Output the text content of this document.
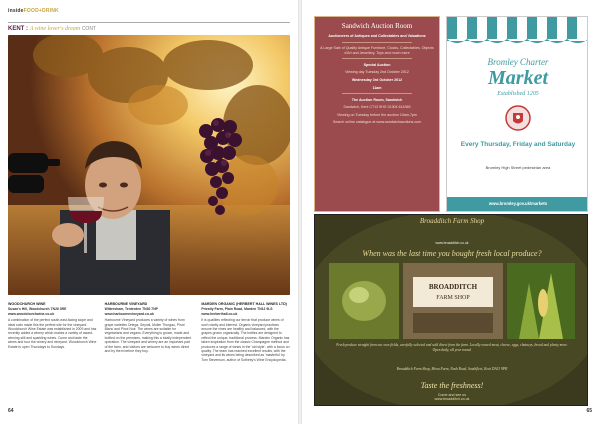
insideFOOD+DRINK
KENT : A wine lover's dream CONT
WOODCHURCH WINE
Susan's Hill, Woodchurch TN26 3RE www.woodchurchwine.co.uk
A combination of the perfect south-east-facing slope and ideal soils made this the perfect site for the vineyard. Woodchurch Wine Estate was established in 2009 and has recently added a winery which makes a variety of award-winning still and sparkling wines. Come and taste the wines and tour the winery and vineyard. Woodchurch Wine Estate is open Thursdays to Sundays.
HARBOURNE VINEYARD
Wittersham, Tenterden TN30 7NP www.harbournevineyard.co.uk
Harbourne Vineyard produces a variety of wines from grape varieties Ortega, Seyval, Muller Thurgau, Pinot Blanc and Pinot Noir. The wines are suitable for vegetarians and vegans. Everything is grown, made and bottled on the premises, making this a totally independent operation. The vineyard and winery are an important part of the farm, and visitors are welcome to buy wines direct and try them before they buy.
MARDEN ORGANIC (HERBERT HALL WINES LTD)
Priestly Farm, Plain Road, Marden TN12 9LS www.herberthall.co.uk
It is qualities reflecting our terroir that produce wines of such clarity and interest. Organic vineyard practices ensure the vines are healthy and balanced, with the grapes grown organically. The bottles are designed to reflect the unique, traditional process. Marden Organic has taken inspiration from the classic Champagne method and produces a range of wines in the 'old style', with a focus on quality. The team has reached excellent results, with the vineyard and its wines being described as 'masterful' by Tom Stevenson, author of Sotheby's Wine Encyclopedia.
64
Sandwich Auction Room
Auctioneers of Antiques and Collectables and Valuations
A Large Sale of Quality Antique Furniture, Clocks, Collectables, Objects d'Art and Jewellery, Toys and much more
Special Auction
Viewing day Tuesday 2nd October 2012
Wednesday 3rd October 2012
11am
The Auction Room, Sandwich
Sandwich, Kent CT13 9HG 01304 614369
Viewing on Tuesday before the auction 10am-7pm
Search online catalogue at www.sandwichauctions.com
Bromley Charter
Market
Established 1205
Every Thursday, Friday and Saturday
Bromley High Street pedestrian area
www.bromley.gov.uk/markets
Broadditch Farm Shop
www.broadditch.co.uk
When was the last time you bought fresh local produce?
BROADDITCH
FARM SHOP
Fresh produce straight from our own fields, carefully selected and sold direct from the farm. Locally reared meat, cheese, eggs, chutneys, bread and plenty more. Open daily, all year round.
Broadditch Farm Shop, Mena Farm, Nash Road, Southfleet, Kent DA13 9PR
Taste the freshness!
Come and see us
www.broadditch.co.uk
65
